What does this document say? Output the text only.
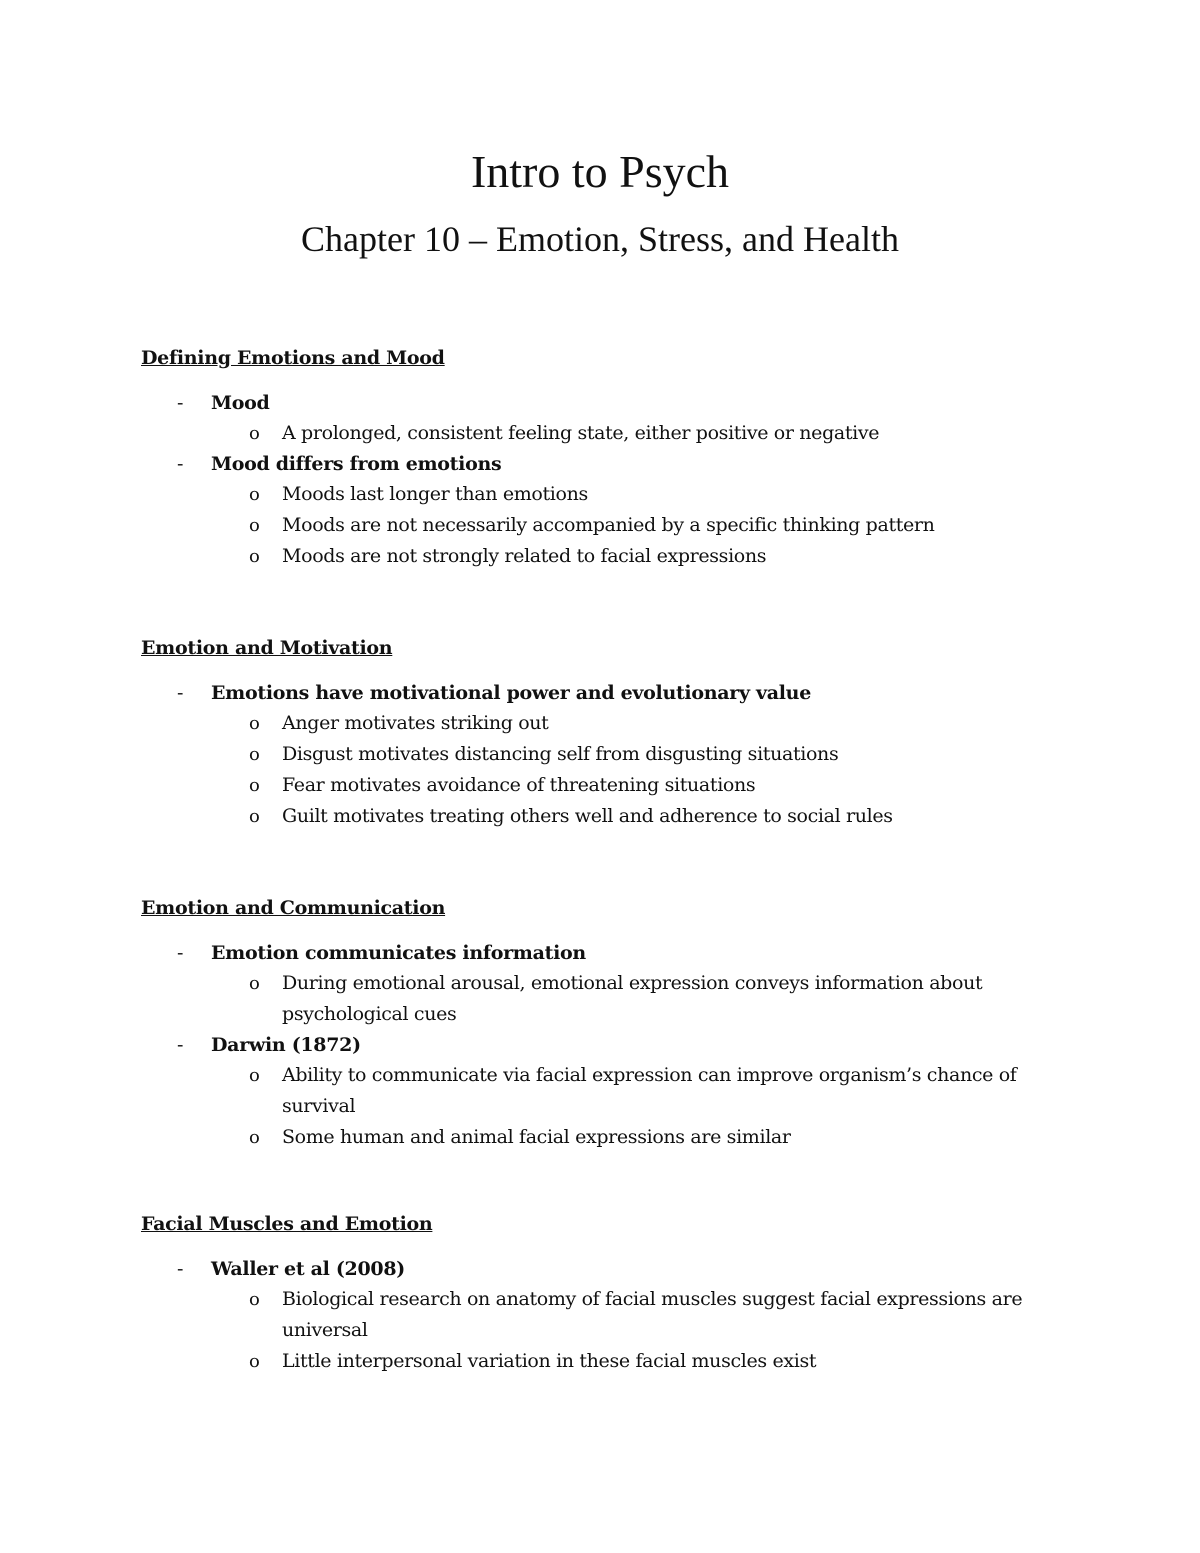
Intro to Psych
Chapter 10 – Emotion, Stress, and Health
Defining Emotions and Mood
- Mood
o A prolonged, consistent feeling state, either positive or negative
- Mood differs from emotions
o Moods last longer than emotions
o Moods are not necessarily accompanied by a specific thinking pattern
o Moods are not strongly related to facial expressions
Emotion and Motivation
- Emotions have motivational power and evolutionary value
o Anger motivates striking out
o Disgust motivates distancing self from disgusting situations
o Fear motivates avoidance of threatening situations
o Guilt motivates treating others well and adherence to social rules
Emotion and Communication
- Emotion communicates information
o During emotional arousal, emotional expression conveys information about psychological cues
- Darwin (1872)
o Ability to communicate via facial expression can improve organism’s chance of survival
o Some human and animal facial expressions are similar
Facial Muscles and Emotion
- Waller et al (2008)
o Biological research on anatomy of facial muscles suggest facial expressions are universal
o Little interpersonal variation in these facial muscles exist
